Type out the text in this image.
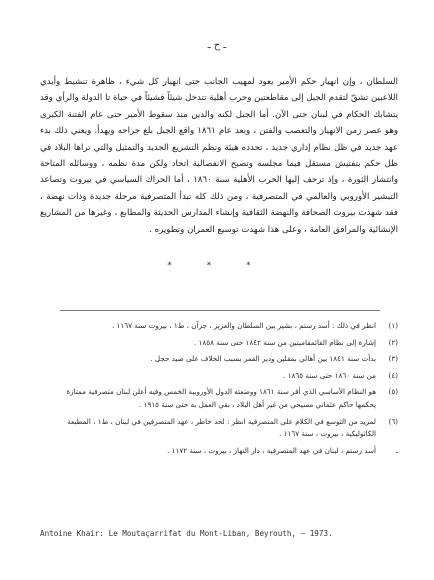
ـ ح ـ

السلطان ، وإن انهيار حكم الأمير يعود لمهيب الجانب حتى انهيار كل شيء ، ظاهرة تنشيط وأيدي اللاعبين تشقّ لتقدم الجبل إلى مقاطعتين وحرب أهلية تتدخل شيئاً فشيئاً في حياة تا الدولة والرأي وقد يتشابك الحكام في لبنان حتى الآن. أما الجبل لكنه والدين منذ سقوط الأمير حتى عام الفتنة الكبرى وهو عصر زمن الانهيار والتعصب والفتن ، وبعد عام ١٨٦١ واقع الجبل بلغ جراحه ويهدأ. ويعني ذلك بدء عهد جديد في ظل نظام إداري جديد ، تحدده هيئة ونظم التشريع الجديد والتمثيل والتي تراها البلاد في ظل حكم بتفتيش مستقل فيما مجلسه وتصبح الانفصالية اتحاد ولكن مدة نظمه ، ووسائله المتاحة وانتشار الثورة ، وإذ تزحف إليها الحرب الأهلية سنة ١٨٦٠ ، أما الحراك السياسي في بيروت وتصاعد التبشير الأوروبي والعالمي في المتصرفية ، ومن ذلك كله تبدأ المتصرفية مرحلة جديدة وذات نهضة ، فقد شهدت بيروت الصحافة والنهضة الثقافية وإنشاء المدارس الحديثة والمطابع ، وغيرها من المشاريع الإنشائية والمرافق العامة ، وعلى هذا شهدت توسيع العمران وتطويره .

* * *
(١)
انظر في ذلك : أسد رستم ، بشير بين السلطان والعزيز ، جزآن ، ط١ ، بيروت سنة ١١٦٧ .
(٢)
إشارة إلى نظام القائمقاميتين من سنة ١٨٤٢ حتى سنة ١٨٥٨ .
(٣)
بدأت سنة ١٨٤١ بين أهالي بمقلين ودير القمر بسبب الخلاف على صيد حجل .
(٤)
من سنة ١٨٦٠ حتى سنة ١٨٦٥ .
(٥)
هو النظام الأساسي الذي أقر سنة ١٨٦١ ووضعته الدول الأوروبية الخمس وفيه أعلن لبنان متصرفية ممتازة يحكمها حاكم عثماني مسيحي من غير أهل البلاد ، بقي العمل به حتى سنة ١٩١٥ .
(٦)
لمزيد من التوسع في الكلام على المتصرفية انظر : لحد خاطر ، عهد المتصرفين في لبنان ، ط١ ، المطبعة الكاثوليكية ، بيروت ، سنة ١١٦٧ .
ـ
أسد رستم ، لبنان في عهد المتصرفية ، دار النهار ، بيروت ، سنة ١١٧٢ .
Antoine Khair: Le Moutaçarrifat du Mont-Liban, Beyrouth, — 1973.
